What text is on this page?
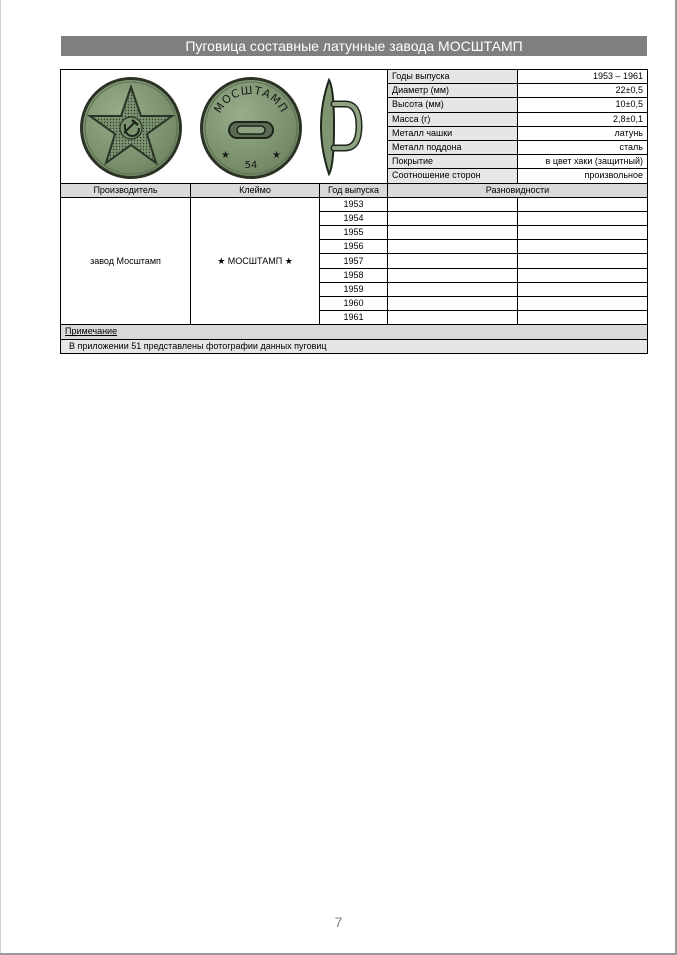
Пуговица составные латунные завода МОСШТАМП
МОСШТАМП
★ ★
54			Годы выпуска	1953 – 1961
			Диаметр (мм)	22±0,5
			Высота (мм)	10±0,5
			Масса (г)	2,8±0,1
			Металл чашки	латунь
			Металл поддона	сталь
			Покрытие	в цвет хаки (защитный)
			Соотношение сторон	произвольное
Производитель	Клеймо	Год выпуска	Разновидности	
завод Мосштамп	★ МОСШТАМП ★	1953		
		1954		
		1955		
		1956		
		1957		
		1958		
		1959		
		1960		
		1961		
Примечание				
В приложении 51 представлены фотографии данных пуговиц				
7
